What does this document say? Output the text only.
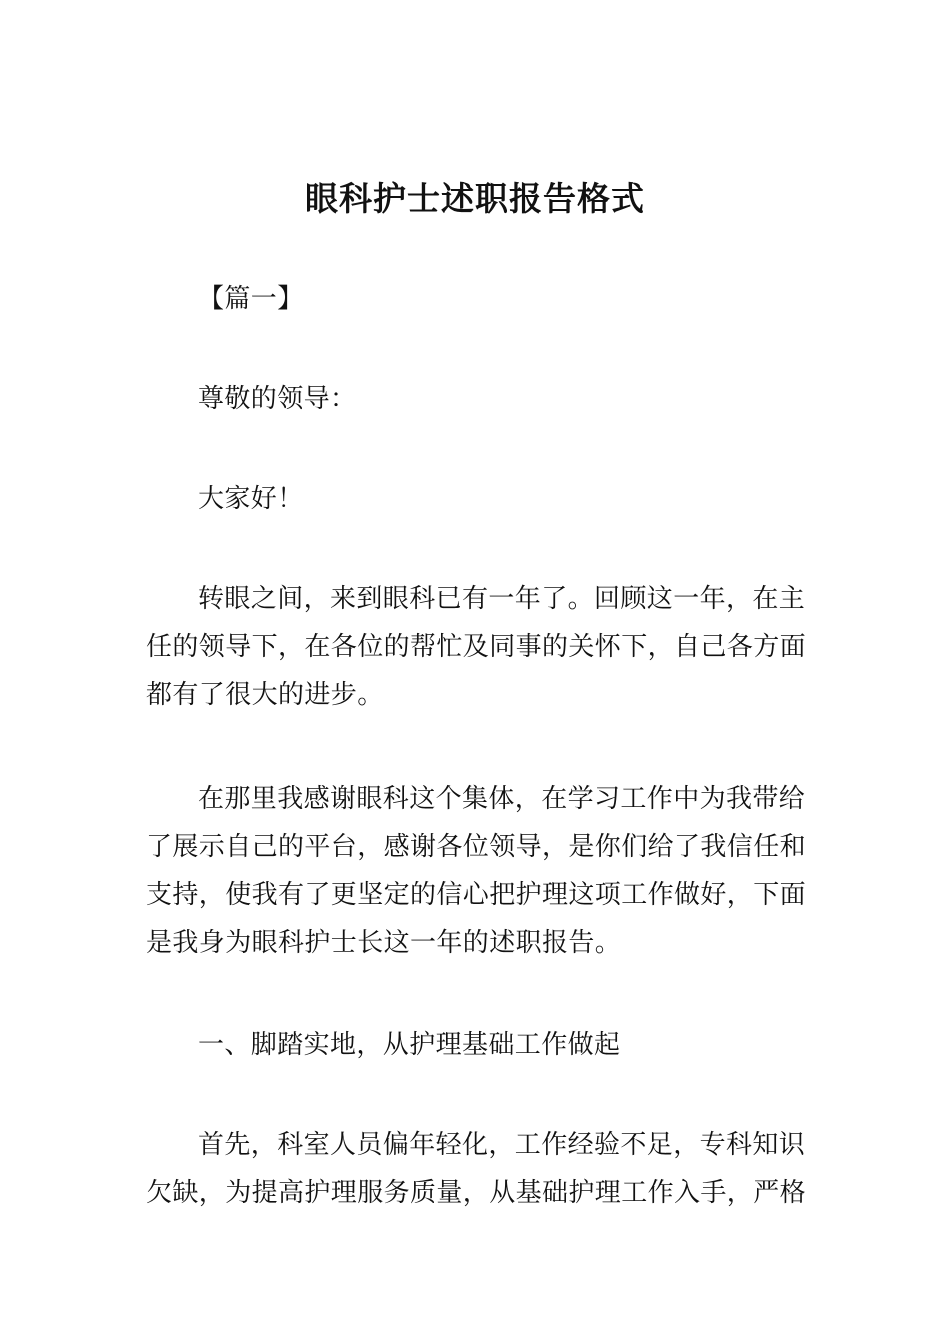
眼科护士述职报告格式

【篇一】

尊敬的领导：

大家好！

转眼之间，来到眼科已有一年了。回顾这一年，在主任的领导下，在各位的帮忙及同事的关怀下，自己各方面都有了很大的进步。

在那里我感谢眼科这个集体，在学习工作中为我带给了展示自己的平台，感谢各位领导，是你们给了我信任和支持，使我有了更坚定的信心把护理这项工作做好，下面是我身为眼科护士长这一年的述职报告。

一、脚踏实地，从护理基础工作做起

首先，科室人员偏年轻化，工作经验不足，专科知识欠缺，为提高护理服务质量，从基础护理工作入手，严格
